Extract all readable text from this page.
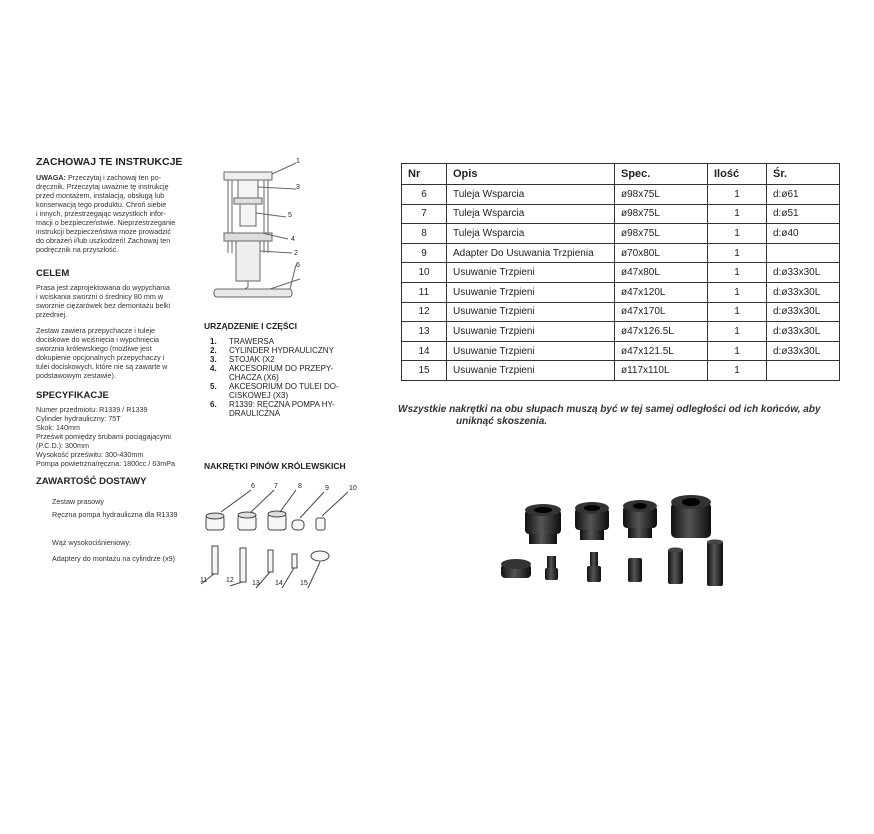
ZACHOWAJ TE INSTRUKCJE
UWAGA: Przeczytaj i zachowaj ten po-
dręcznik. Przeczytaj uważnie tę instrukcję
przed montażem, instalacją, obsługą lub
konserwacją tego produktu. Chroń siebie
i innych, przestrzegając wszystkich infor-
macji o bezpieczeństwie. Nieprzestrzeganie
instrukcji bezpieczeństwa może prowadzić
do obrażeń i/lub uszkodzeń! Zachowaj ten
podręcznik na przyszłość.
CELEM
Prasa jest zaprojektowana do wypychania
i wciskania sworzni o średnicy 80 mm w
sworznie ciężarówek bez demontażu belki
przedniej.
Zestaw zawiera przepychacze i tuleje
dociskowe do wciśnięcia i wypchnięcia
sworznia królewskiego (możliwe jest
dokupienie opcjonalnych przepychaczy i
tulei dociskowych, które nie są zawarte w
podstawowym zestawie).
SPECYFIKACJE
Numer przedmiotu: R1339 / R1339
Cylinder hydrauliczny: 75T
Skok: 140mm
Prześwit pomiędzy śrubami pociągającymi
(P.C.D.): 300mm
Wysokość prześwitu: 300-430mm
Pompa powietrzna/ręczna: 1800cc / 63mPa
ZAWARTOŚĆ DOSTAWY
Zestaw prasowy
Ręczna pompa hydrauliczna dla R1339
Wąż wysokociśnieniowy:
Adaptery do montażu na cylindrze (x9)
1
3
5
4
2
6
URZĄDZENIE I CZĘŚCI
1. TRAWERSA
2. CYLINDER HYDRAULICZNY
3. STOJAK (X2
4. AKCESORIUM DO PRZEPY-
CHACZA (X6)
5. AKCESORIUM DO TULEI DO-
CISKOWEJ (X3)
6. R1339: RĘCZNA POMPA HY-
DRAULICZNA
NAKRĘTKI PINÓW KRÓLEWSKICH
6	7	8	9	10
11	12	13 14 15
Nr	Opis	Spec.	Ilość	Śr.
6	Tuleja Wsparcia	ø98x75L	1	d:ø61
7	Tuleja Wsparcia	ø98x75L	1	d:ø51
8	Tuleja Wsparcia	ø98x75L	1	d:ø40
9	Adapter Do Usuwania Trzpienia	ø70x80L	1	
10	Usuwanie Trzpieni	ø47x80L	1	d:ø33x30L
11	Usuwanie Trzpieni	ø47x120L	1	d:ø33x30L
12	Usuwanie Trzpieni	ø47x170L	1	d:ø33x30L
13	Usuwanie Trzpieni	ø47x126.5L	1	d:ø33x30L
14	Usuwanie Trzpieni	ø47x121.5L	1	d:ø33x30L
15	Usuwanie Trzpieni	ø117x110L	1	
Wszystkie nakrętki na obu słupach muszą być w tej samej odległości od ich końców, aby
uniknąć skoszenia.
